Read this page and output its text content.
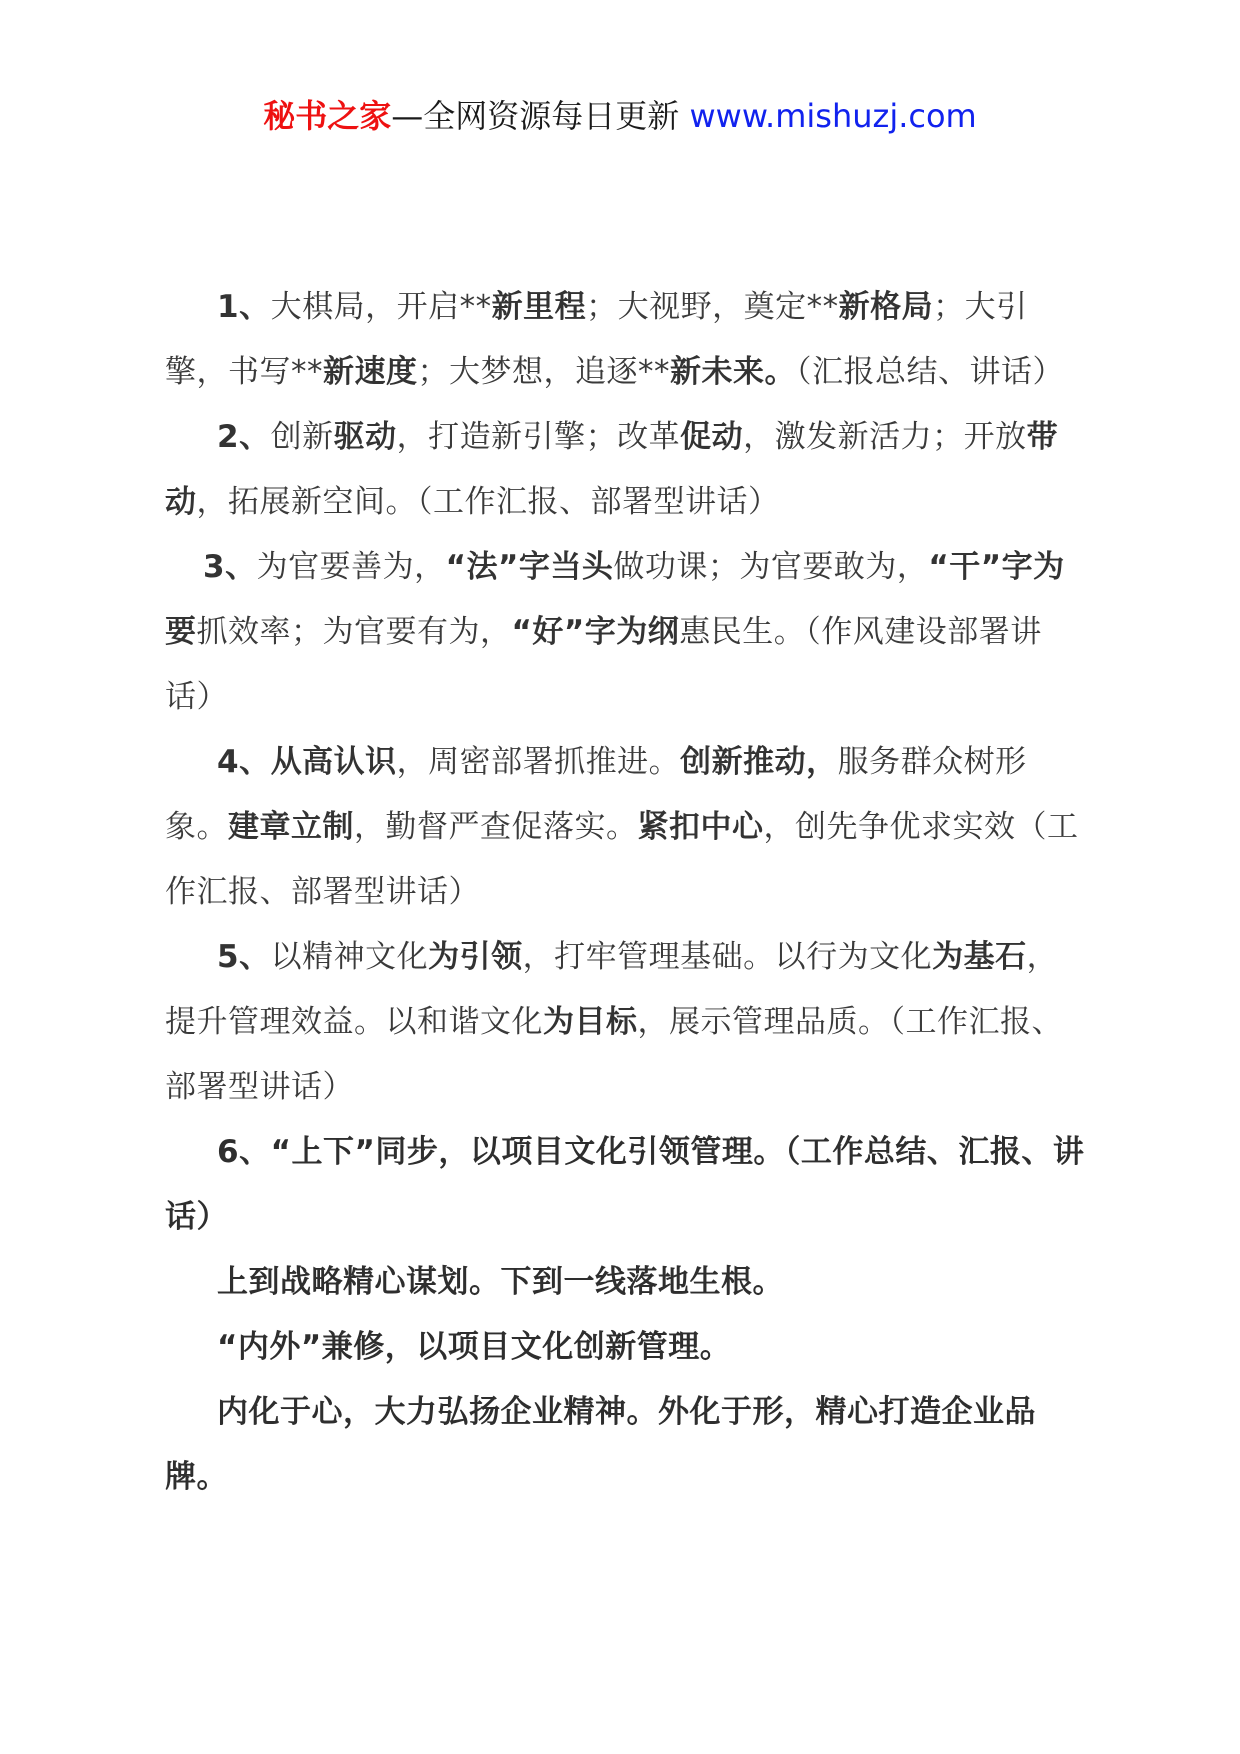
秘书之家—全网资源每日更新 www.mishuzj.com

1、大棋局，开启**新里程；大视野，奠定**新格局；大引擎，书写**新速度；大梦想，追逐**新未来。（汇报总结、讲话）

2、创新驱动，打造新引擎；改革促动，激发新活力；开放带动，拓展新空间。（工作汇报、部署型讲话）

3、为官要善为，“法”字当头做功课；为官要敢为，“干”字为要抓效率；为官要有为，“好”字为纲惠民生。（作风建设部署讲话）

4、从高认识，周密部署抓推进。创新推动，服务群众树形象。建章立制，勤督严查促落实。紧扣中心，创先争优求实效（工作汇报、部署型讲话）

5、以精神文化为引领，打牢管理基础。以行为文化为基石，提升管理效益。以和谐文化为目标，展示管理品质。（工作汇报、部署型讲话）

6、“上下”同步，以项目文化引领管理。（工作总结、汇报、讲话）

上到战略精心谋划。下到一线落地生根。

“内外”兼修，以项目文化创新管理。

内化于心，大力弘扬企业精神。外化于形，精心打造企业品牌。
